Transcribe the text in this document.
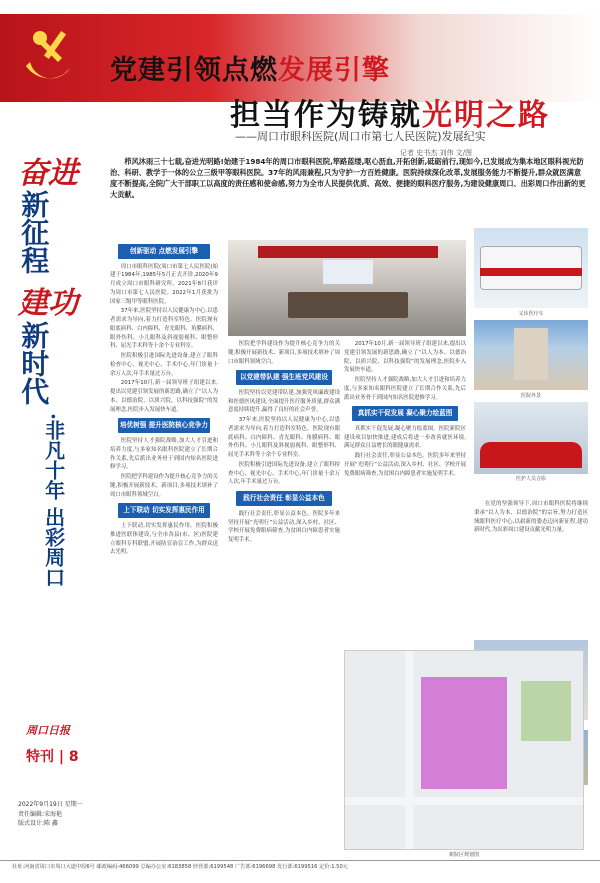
党建引领点燃发展引擎
担当作为铸就光明之路
——周口市眼科医院(周口市第七人民医院)发展纪实
记者 史书杰 刘伟 文/图
奋进
新征程
建功
新时代
·非凡十年 出彩周口
周口日报
特刊 | 8
2022年9月19日 星期一
责任编辑:宋海艳
版式设计:陈 鑫
栉风沐雨三十七载,奋进光明路!始建于1984年的周口市眼科医院,筚路蓝缕,呕心沥血,开拓创新,砥砺前行,现如今,已发展成为集本地区眼科视光防治、科研、教学于一体的公立三级甲等眼科医院。37年的风雨兼程,只为守护一方百姓健康。医院持续深化改革,发展服务能力不断提升,群众就医满意度不断提高,全院广大干部职工以高度的责任感和使命感,努力为全市人民提供优质、高效、便捷的眼科医疗服务,为建设健康周口、出彩周口作出新的更大贡献。
创新驱动 点燃发展引擎

周口市眼科医院(周口市第七人民医院)始建于1984年,1985年5月正式开诊,2020年9月成立周口市眼科研究所。2021年8月获评为周口市第七人民医院。2022年1月获批为国家三级甲等眼科医院。

37年来,医院坚持以人民健康为中心,以患者需求为导向,着力打造科室特色。医院现有眼底病科、白内障科、青光眼科、角膜病科、眼外伤科、小儿眼科及斜视弱视科、眼整形科、屈光手术科等十余个专业科室。

医院积极引进国际先进设备,建立了眼科检查中心、视光中心、手术中心,年门诊量十余万人次,年手术量过万台。

2017年10月,新一届领导班子组建以来,提出以党建引领发展的新思路,确立了“以人为本、以德治院、以质兴院、以科技强院”的发展理念,医院步入发展快车道。

培优树强 提升医院核心竞争力

医院坚持人才强院战略,加大人才引进和培养力度,与多家知名眼科医院建立了长期合作关系,先后派出业务骨干到国内知名医院进修学习。

医院把学科建设作为提升核心竞争力的关键,积极开展新技术、新项目,多项技术填补了周口市眼科领域空白。

上下联动 切实发挥惠民作用

上下联动,切实发挥惠民作用。医院积极推进医联体建设,与全市各县(市、区)医院建立眼科专科联盟,开展防盲治盲工作,为群众送去光明。

医院把学科建设作为提升核心竞争力的关键,积极开展新技术、新项目,多项技术填补了周口市眼科领域空白。

以党建带队建 强生班党风建设

医院坚持以党建带队建,加强党风廉政建设和医德医风建设,全面提升医疗服务质量,群众满意度持续提升,赢得了良好的社会声誉。

37年来,医院坚持以人民健康为中心,以患者需求为导向,着力打造科室特色。医院现有眼底病科、白内障科、青光眼科、角膜病科、眼外伤科、小儿眼科及斜视弱视科、眼整形科、屈光手术科等十余个专业科室。

医院积极引进国际先进设备,建立了眼科检查中心、视光中心、手术中心,年门诊量十余万人次,年手术量过万台。

践行社会责任 彰显公益本色

践行社会责任,彰显公益本色。医院多年来坚持开展“光明行”公益活动,深入乡村、社区、学校开展免费眼病筛查,为贫困白内障患者实施复明手术。

2017年10月,新一届领导班子组建以来,提出以党建引领发展的新思路,确立了“以人为本、以德治院、以质兴院、以科技强院”的发展理念,医院步入发展快车道。

医院坚持人才强院战略,加大人才引进和培养力度,与多家知名眼科医院建立了长期合作关系,先后派出业务骨干到国内知名医院进修学习。

真抓实干促发展 凝心聚力绘蓝图

真抓实干促发展,凝心聚力绘蓝图。医院新院区建设项目加快推进,建成后将进一步改善就医环境,满足群众日益增长的眼健康需求。

践行社会责任,彰显公益本色。医院多年来坚持开展“光明行”公益活动,深入乡村、社区、学校开展免费眼病筛查,为贫困白内障患者实施复明手术。

在党的坚强领导下,周口市眼科医院将继续秉承“以人为本、以德治院”的宗旨,努力打造区域眼科医疗中心,以崭新的姿态迈向新征程,建功新时代,为出彩周口建设贡献光明力量。

义诊医疗车
医院外景
医护人员合影
新院区规划图
社址:河南省周口市周口大道中段6号 邮政编码:466099 总编办公室:6183858 经营部:6199548 广告部:6196698 发行部:6199516 定价:1.50元
